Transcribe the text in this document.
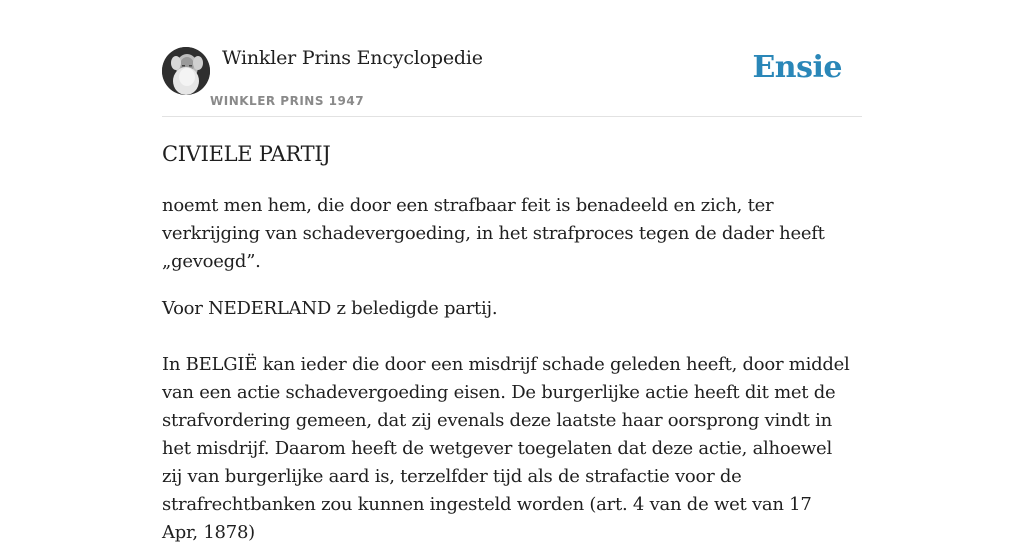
Winkler Prins Encyclopedie
WINKLER PRINS 1947
Ensie
CIVIELE PARTIJ

noemt men hem, die door een strafbaar feit is benadeeld en zich, ter verkrijging van schadevergoeding, in het strafproces tegen de dader heeft „gevoegd”.

Voor NEDERLAND z beledigde partij.

In BELGIË kan ieder die door een misdrijf schade geleden heeft, door middel van een actie schadevergoeding eisen. De burgerlijke actie heeft dit met de strafvordering gemeen, dat zij evenals deze laatste haar oorsprong vindt in het misdrijf. Daarom heeft de wetgever toegelaten dat deze actie, alhoewel zij van burgerlijke aard is, terzelfder tijd als de strafactie voor de strafrechtbanken zou kunnen ingesteld worden (art. 4 van de wet van 17 Apr, 1878)
